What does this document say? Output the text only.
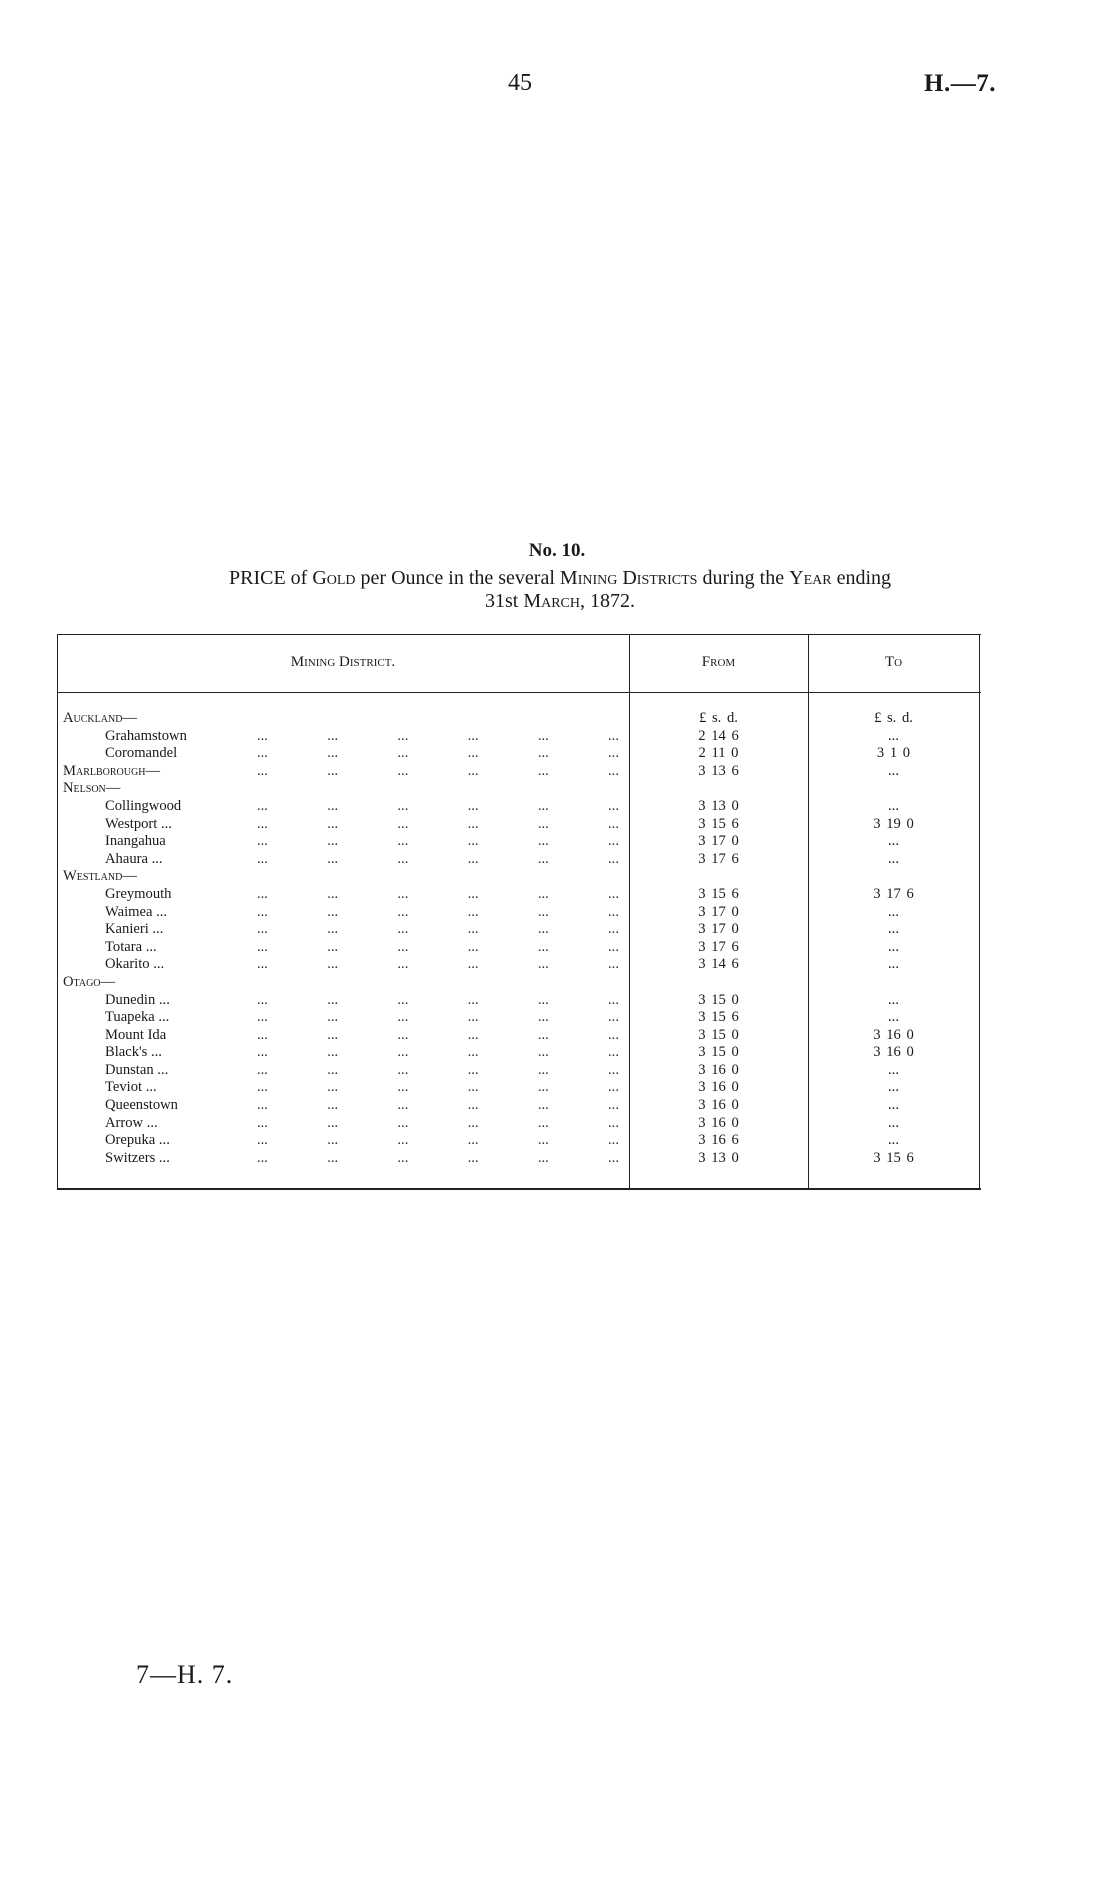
45	H.—7.
No. 10.
PRICE of Gold per Ounce in the several Mining Districts during the Year ending
31st March, 1872.
Mining District.	From	To
Auckland—	£ s. d.	£ s. d.
Grahamstown	...	...	...	...	...	...	2 14 6	...
Coromandel	...	...	...	...	...	...	2 11 0	3 1 0
Marlborough—	...	...	...	...	...	...	3 13 6	...
Nelson—
Collingwood	...	...	...	...	...	...	3 13 0	...
Westport ...	...	...	...	...	...	...	3 15 6	3 19 0
Inangahua	...	...	...	...	...	...	3 17 0	...
Ahaura ...	...	...	...	...	...	...	3 17 6	...
Westland—
Greymouth	...	...	...	...	...	...	3 15 6	3 17 6
Waimea ...	...	...	...	...	...	...	3 17 0	...
Kanieri ...	...	...	...	...	...	...	3 17 0	...
Totara ...	...	...	...	...	...	...	3 17 6	...
Okarito ...	...	...	...	...	...	...	3 14 6	...
Otago—
Dunedin ...	...	...	...	...	...	...	3 15 0	...
Tuapeka ...	...	...	...	...	...	...	3 15 6	...
Mount Ida	...	...	...	...	...	...	3 15 0	3 16 0
Black's ...	...	...	...	...	...	...	3 15 0	3 16 0
Dunstan ...	...	...	...	...	...	...	3 16 0	...
Teviot ...	...	...	...	...	...	...	3 16 0	...
Queenstown	...	...	...	...	...	...	3 16 0	...
Arrow ...	...	...	...	...	...	...	3 16 0	...
Orepuka ...	...	...	...	...	...	...	3 16 6	...
Switzers ...	...	...	...	...	...	...	3 13 0	3 15 6
7—H. 7.
